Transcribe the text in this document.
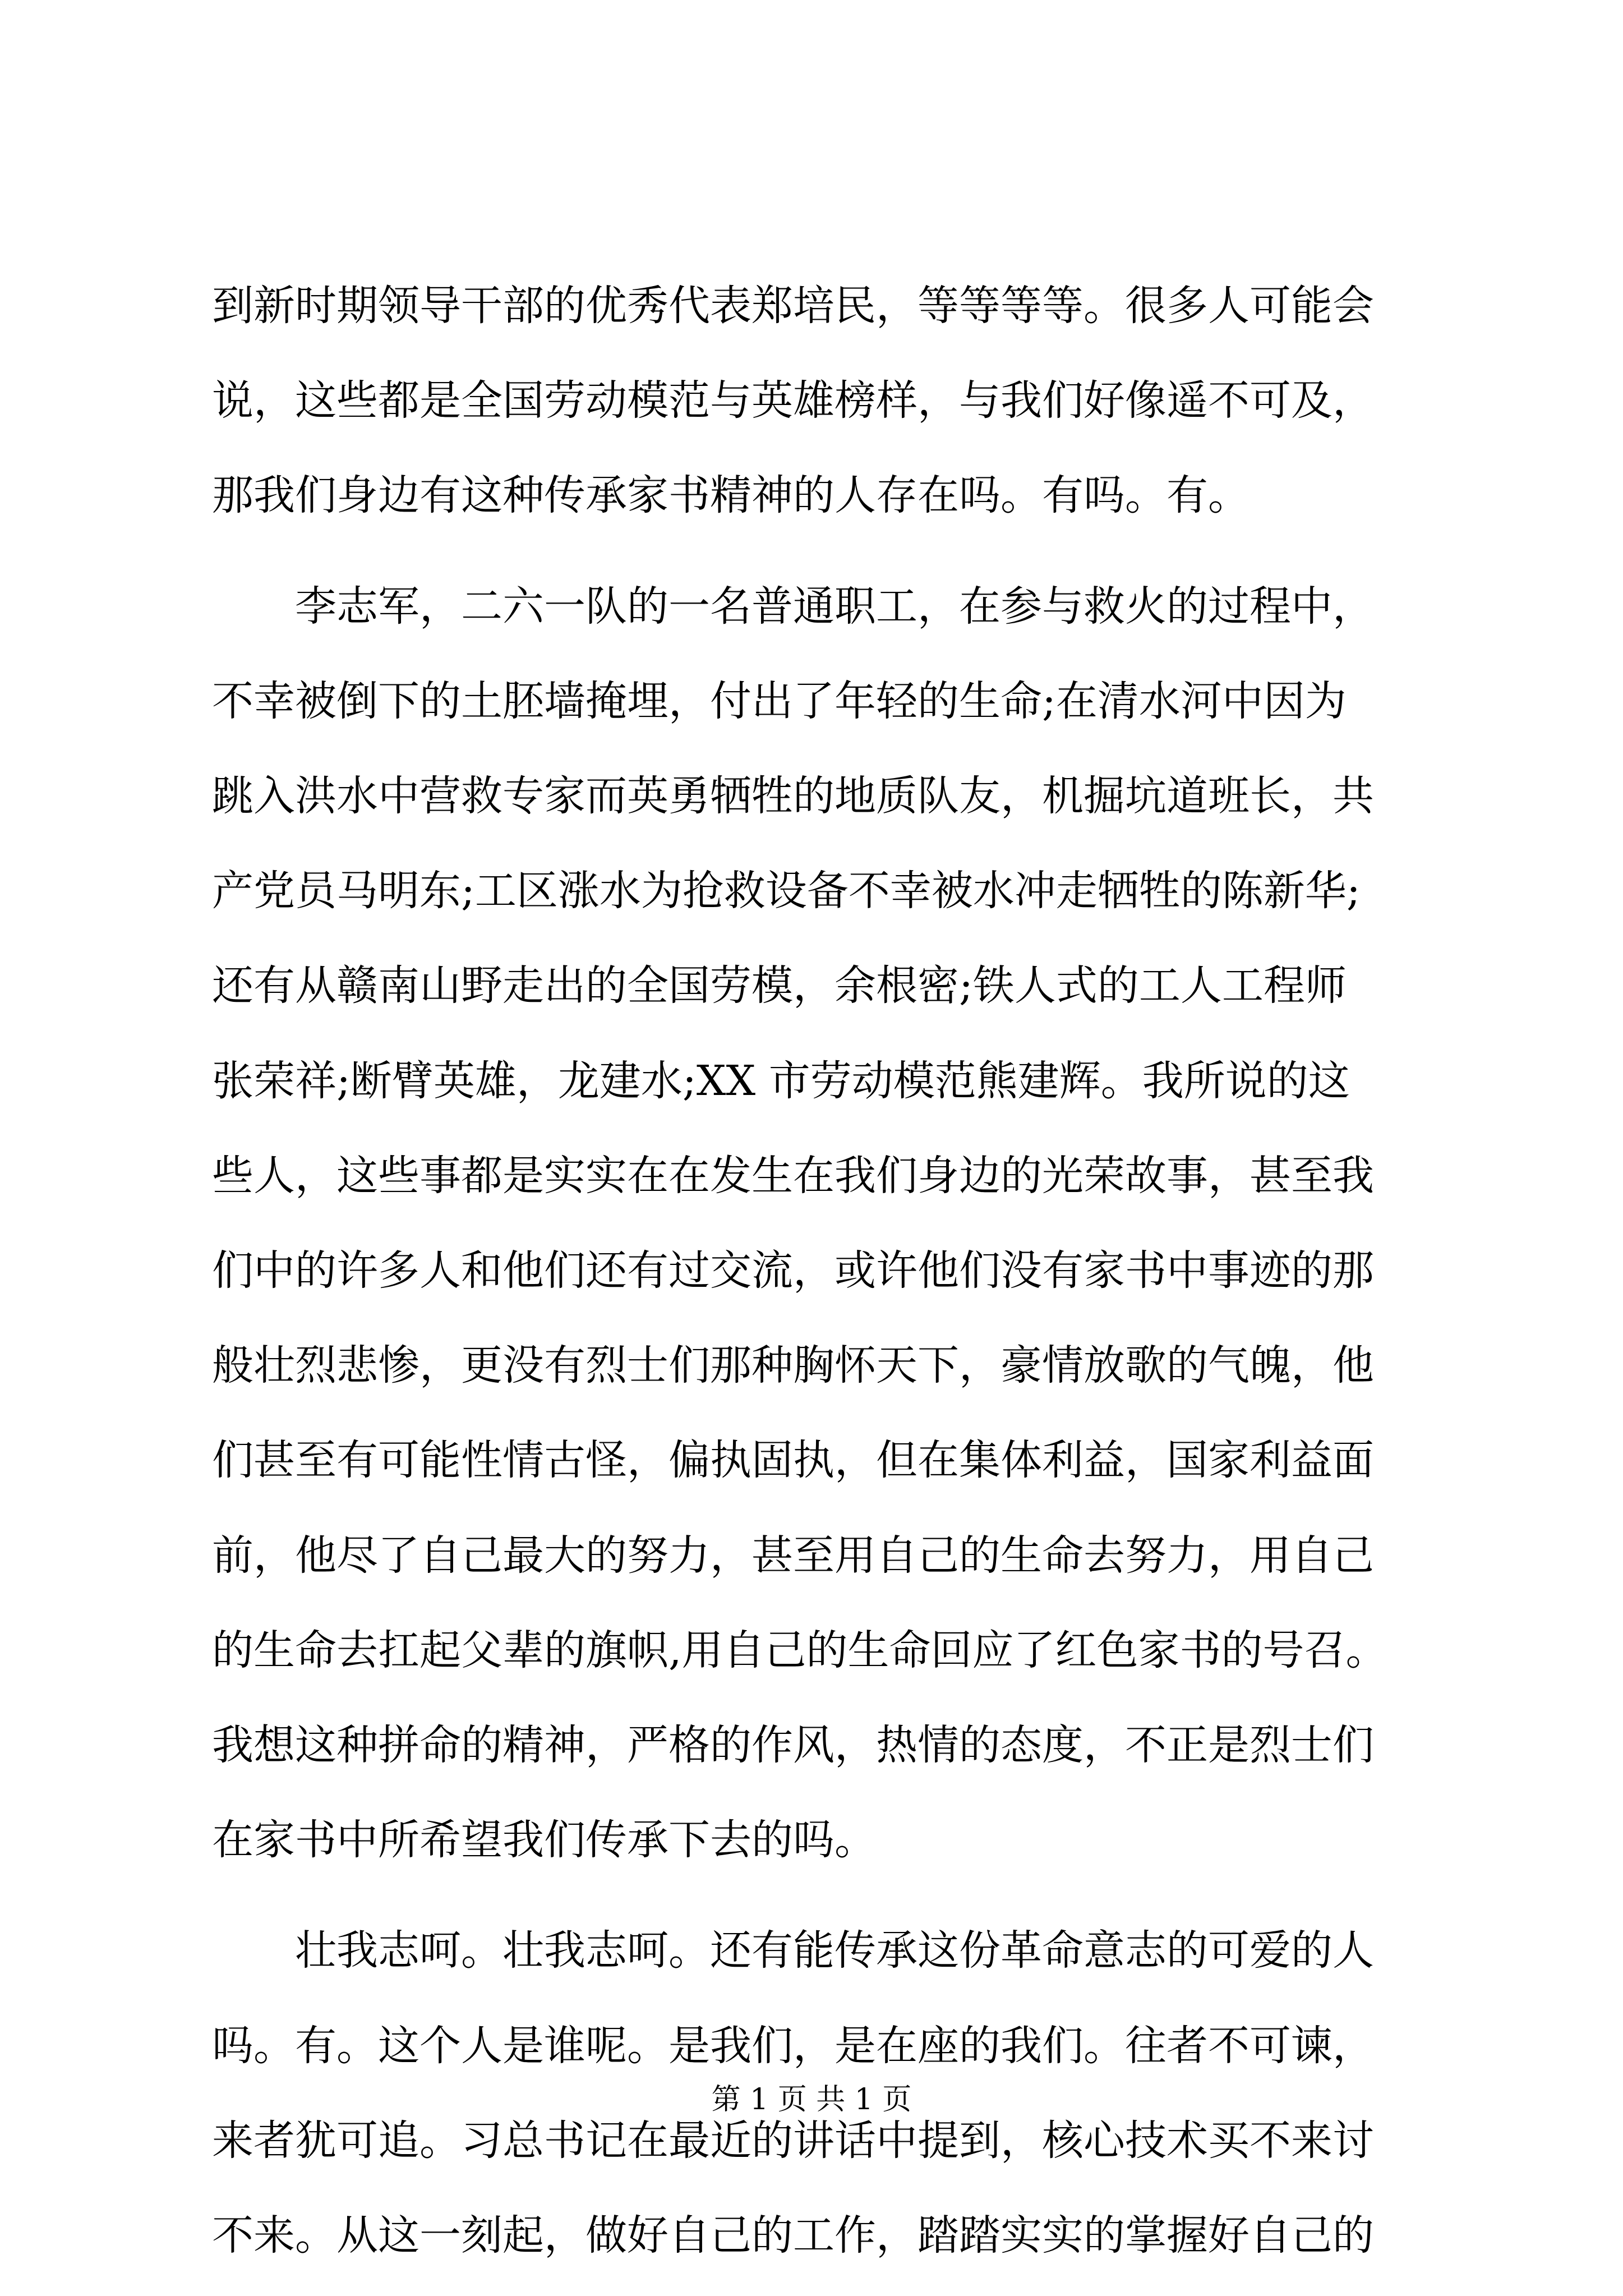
到新时期领导干部的优秀代表郑培民，等等等等。很多人可能会
说，这些都是全国劳动模范与英雄榜样，与我们好像遥不可及，
那我们身边有这种传承家书精神的人存在吗。有吗。有。
　　李志军，二六一队的一名普通职工，在参与救火的过程中，
不幸被倒下的土胚墙掩埋，付出了年轻的生命;在清水河中因为
跳入洪水中营救专家而英勇牺牲的地质队友，机掘坑道班长，共
产党员马明东;工区涨水为抢救设备不幸被水冲走牺牲的陈新华;
还有从赣南山野走出的全国劳模，余根密;铁人式的工人工程师
张荣祥;断臂英雄，龙建水;XX 市劳动模范熊建辉。我所说的这
些人，这些事都是实实在在发生在我们身边的光荣故事，甚至我
们中的许多人和他们还有过交流，或许他们没有家书中事迹的那
般壮烈悲惨，更没有烈士们那种胸怀天下，豪情放歌的气魄，他
们甚至有可能性情古怪，偏执固执，但在集体利益，国家利益面
前，他尽了自己最大的努力，甚至用自己的生命去努力，用自己
的生命去扛起父辈的旗帜,用自己的生命回应了红色家书的号召。
我想这种拼命的精神，严格的作风，热情的态度，不正是烈士们
在家书中所希望我们传承下去的吗。
　　壮我志呵。壮我志呵。还有能传承这份革命意志的可爱的人
吗。有。这个人是谁呢。是我们，是在座的我们。往者不可谏，
来者犹可追。习总书记在最近的讲话中提到，核心技术买不来讨
不来。从这一刻起，做好自己的工作，踏踏实实的掌握好自己的
第 1 页 共 1 页
